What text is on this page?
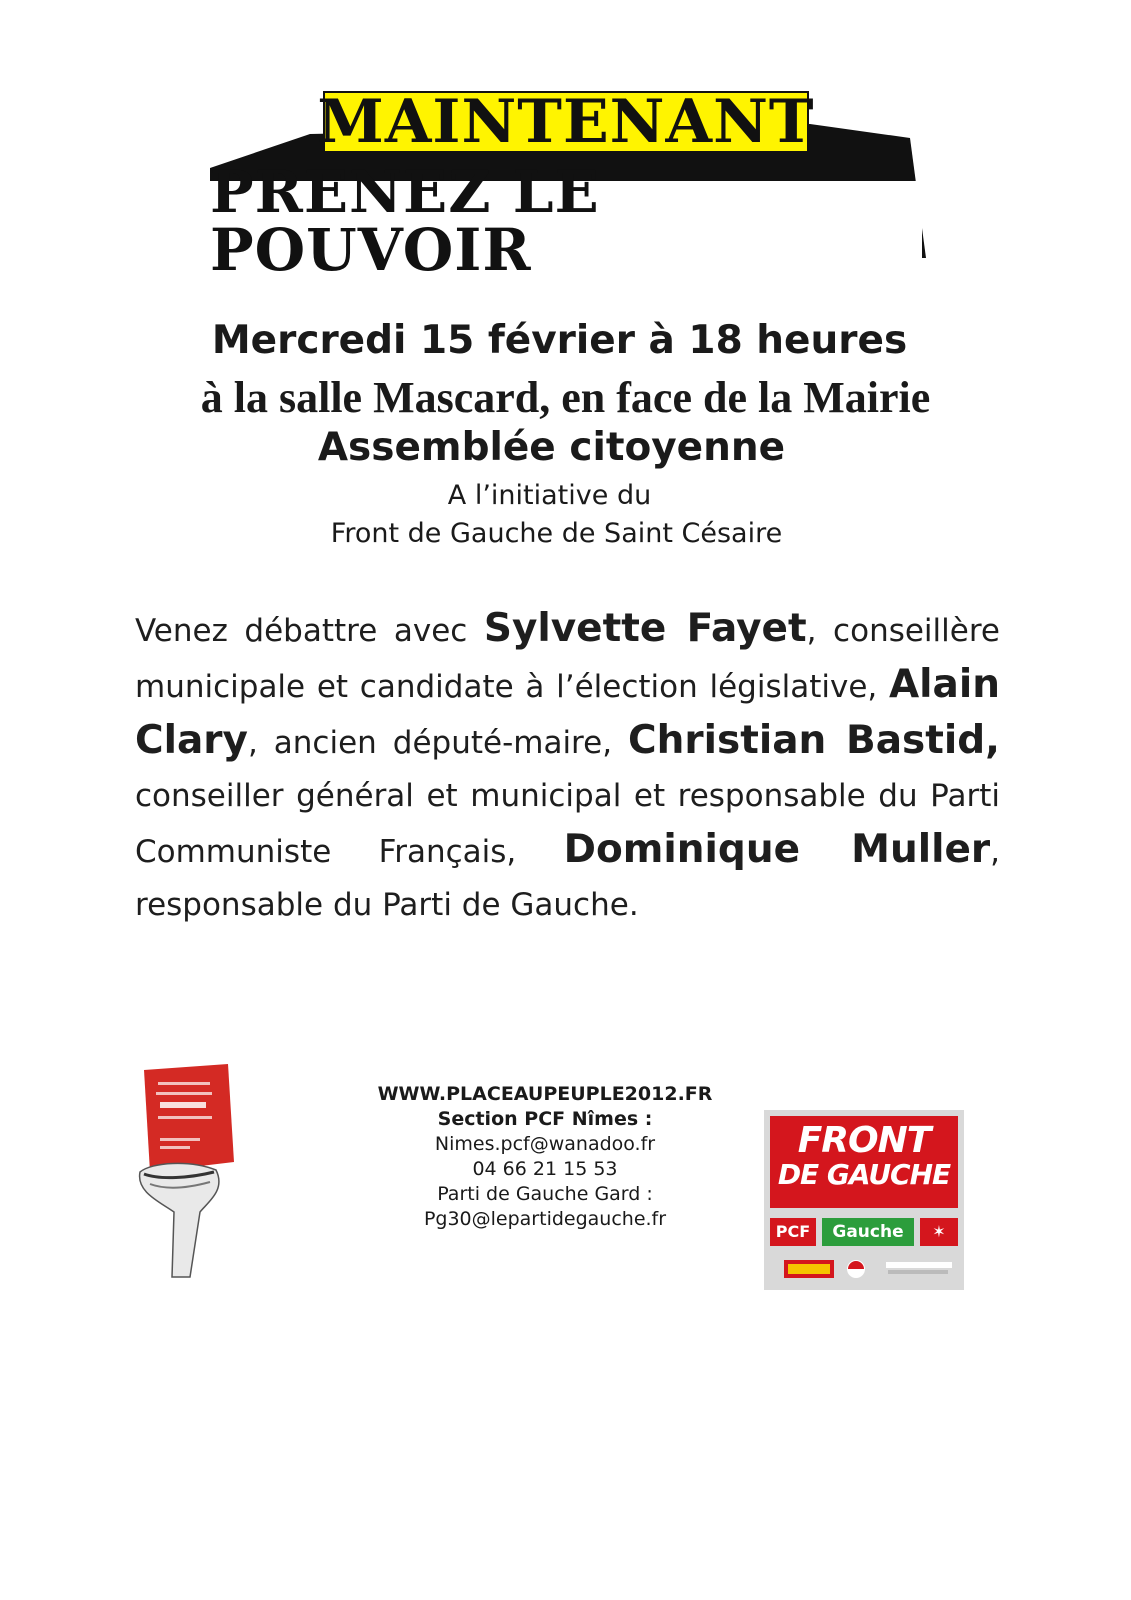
MAINTENANT
PRENEZ LE POUVOIR
Mercredi 15 février à 18 heures
à la salle Mascard, en face de la Mairie
Assemblée citoyenne
A l’initiative du
Front de Gauche de Saint Césaire
Venez débattre avec Sylvette Fayet, conseillère municipale et candidate à l’élection législative, Alain Clary, ancien député-maire, Christian Bastid, conseiller général et municipal et responsable du Parti Communiste Français, Dominique Muller, responsable du Parti de Gauche.
WWW.PLACEAUPEUPLE2012.FR
Section PCF Nîmes :
Nimes.pcf@wanadoo.fr
04 66 21 15 53
Parti de Gauche Gard :
Pg30@lepartidegauche.fr
FRONT
DE GAUCHE
PCF	Gauche	✶
